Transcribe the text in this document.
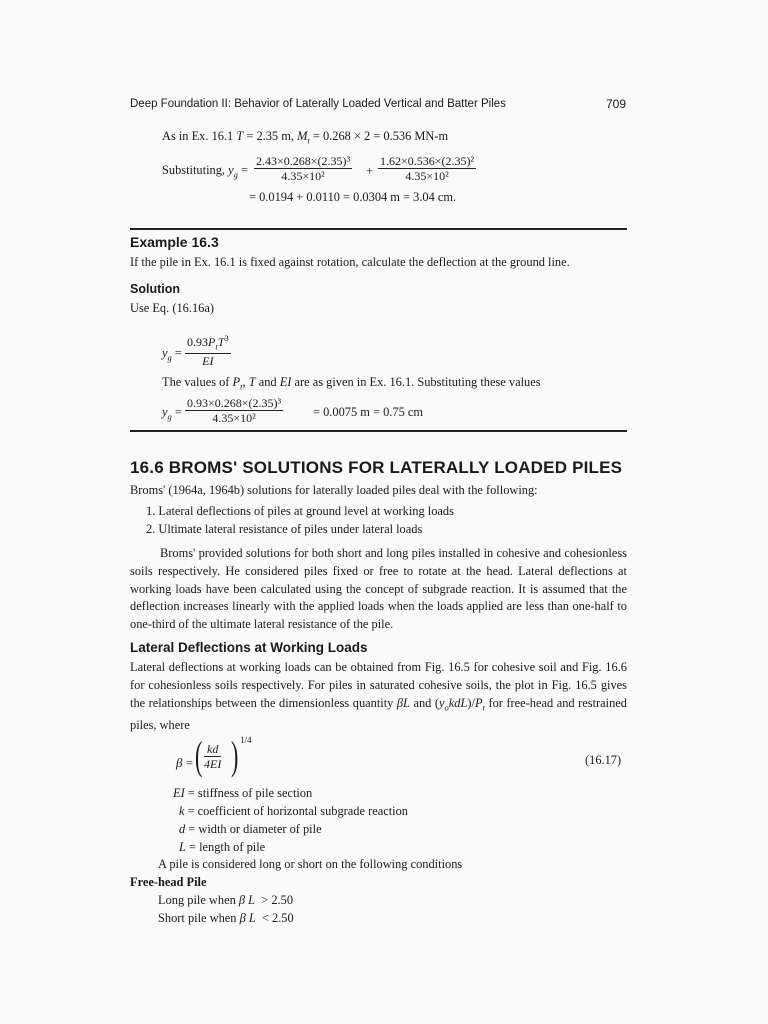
Deep Foundation II: Behavior of Laterally Loaded Vertical and Batter Piles	709
As in Ex. 16.1 T = 2.35 m, $M_t = 0.268 \times 2 = 0.536$ MN-m
Substituting, $y_g = \frac{\text{2.43×0.268×(2.35)³}}{\text{4.35×10²}} + \frac{\text{1.62×0.536×(2.35)²}}{\text{4.35×10²}}$
= 0.0194 + 0.0110 = 0.0304 m = 3.04 cm.
Example 16.3
If the pile in Ex. 16.1 is fixed against rotation, calculate the deflection at the ground line.
Solution
Use Eq. (16.16a)
$y_g$ =
$0.93P_tT^3$
EI
The values of $P_t$, T and EI are as given in Ex. 16.1. Substituting these values
$y_g = \frac{\text{0.93×0.268×(2.35)³}}{\text{4.35×10²}} = 0.0075$ m = 0.75 cm
16.6 BROMS' SOLUTIONS FOR LATERALLY LOADED PILES
Broms' (1964a, 1964b) solutions for laterally loaded piles deal with the following:
1. Lateral deflections of piles at ground level at working loads
2. Ultimate lateral resistance of piles under lateral loads
Broms' provided solutions for both short and long piles installed in cohesive and cohesionless soils respectively. He considered piles fixed or free to rotate at the head. Lateral deflections at working loads have been calculated using the concept of subgrade reaction. It is assumed that the deflection increases linearly with the applied loads when the loads applied are less than one-half to one-third of the ultimate lateral resistance of the pile.
Lateral Deflections at Working Loads
Lateral deflections at working loads can be obtained from Fig. 16.5 for cohesive soil and Fig. 16.6 for cohesionless soils respectively. For piles in saturated cohesive soils, the plot in Fig. 16.5 gives the relationships between the dimensionless quantity βL and $(y_okdL)/P_t$ for free-head and restrained piles, where
β = ( $\frac{kd}{4EI}$ ) 1/4
(16.17)
EI = stiffness of pile section
k = coefficient of horizontal subgrade reaction
d = width or diameter of pile
L = length of pile
A pile is considered long or short on the following conditions
Free-head Pile
Long pile when β L  > 2.50
Short pile when β L  < 2.50
